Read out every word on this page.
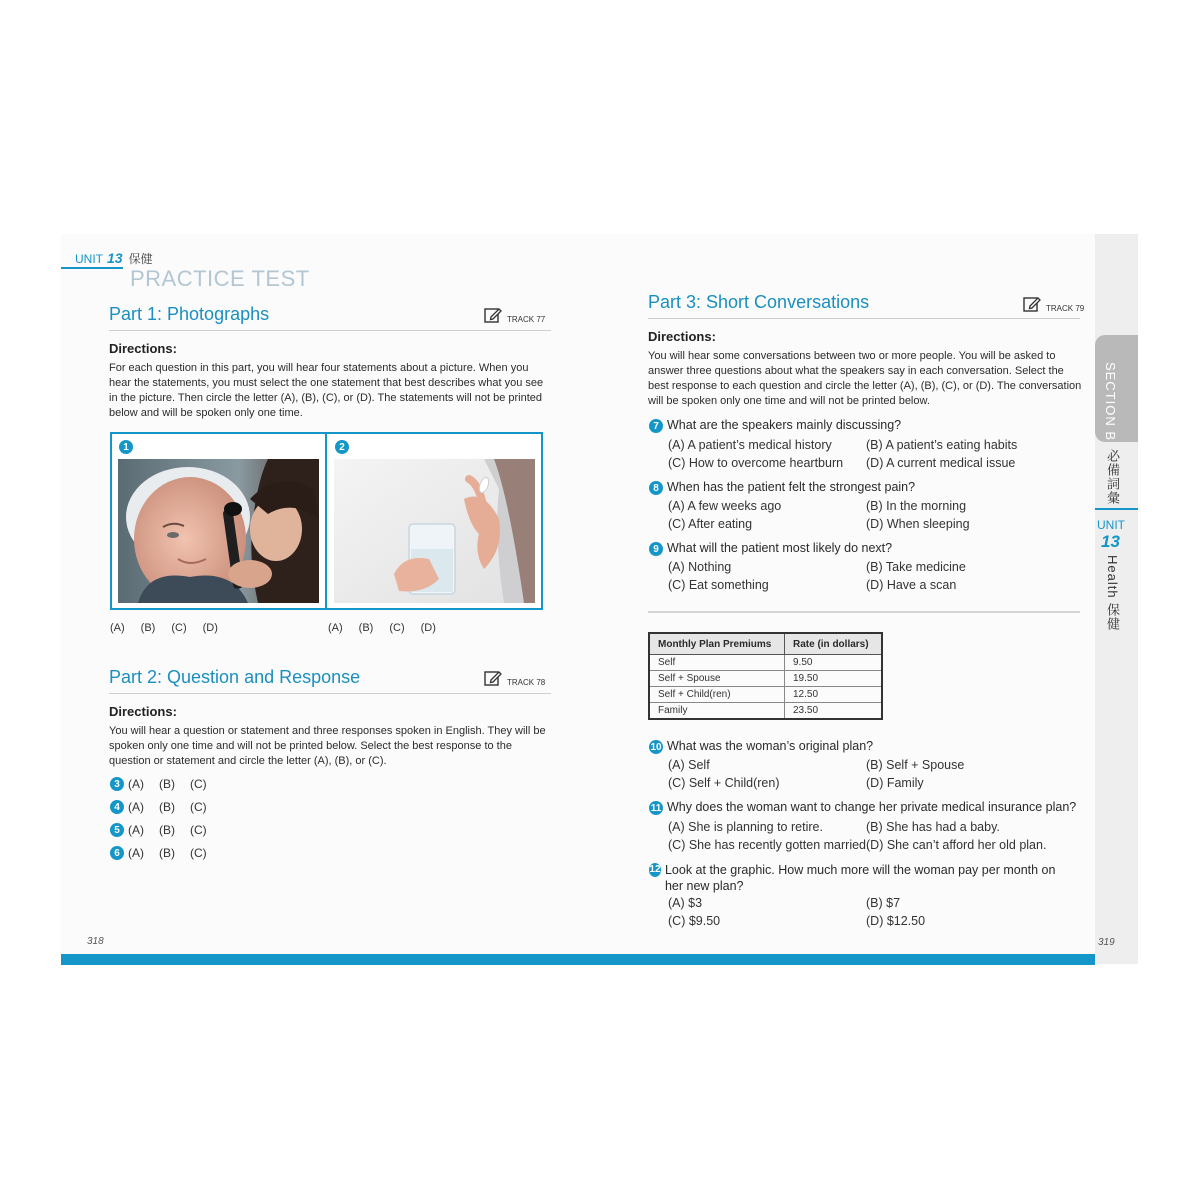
UNIT 13 保健
PRACTICE TEST
Part 1: Photographs	TRACK 77
Directions:
For each question in this part, you will hear four statements about a picture. When you hear the statements, you must select the one statement that best describes what you see in the picture. Then circle the letter (A), (B), (C), or (D). The statements will not be printed below and will be spoken only one time.
1	2
(A) (B) (C) (D)	(A) (B) (C) (D)
Part 2: Question and Response	TRACK 78
Directions:
You will hear a question or statement and three responses spoken in English. They will be spoken only one time and will not be printed below. Select the best response to the question or statement and circle the letter (A), (B), or (C).
3 (A) (B) (C)
4 (A) (B) (C)
5 (A) (B) (C)
6 (A) (B) (C)
318
Part 3: Short Conversations	TRACK 79
Directions:
You will hear some conversations between two or more people. You will be asked to answer three questions about what the speakers say in each conversation. Select the best response to each question and circle the letter (A), (B), (C), or (D). The conversation will be spoken only one time and will not be printed below.
7 What are the speakers mainly discussing?
(A) A patient’s medical history	(B) A patient’s eating habits
(C) How to overcome heartburn (D) A current medical issue
8 When has the patient felt the strongest pain?
(A) A few weeks ago	(B) In the morning
(C) After eating	(D) When sleeping
9 What will the patient most likely do next?
(A) Nothing	(B) Take medicine
(C) Eat something	(D) Have a scan
Monthly Plan Premiums	Rate (in dollars)
Self	9.50
Self + Spouse	19.50
Self + Child(ren)	12.50
Family	23.50
10 What was the woman’s original plan?
(A) Self	(B) Self + Spouse
(C) Self + Child(ren)	(D) Family
11 Why does the woman want to change her private medical insurance plan?
(A) She is planning to retire.	(B) She has had a baby.
(C) She has recently gotten married.
(D) She can’t afford her old plan.
12 Look at the graphic. How much more will the woman pay per month on her new plan?
(A) $3	(B) $7
(C) $9.50	(D) $12.50
319
SECTION B
必備詞彙
UNIT
13
Health 保健
